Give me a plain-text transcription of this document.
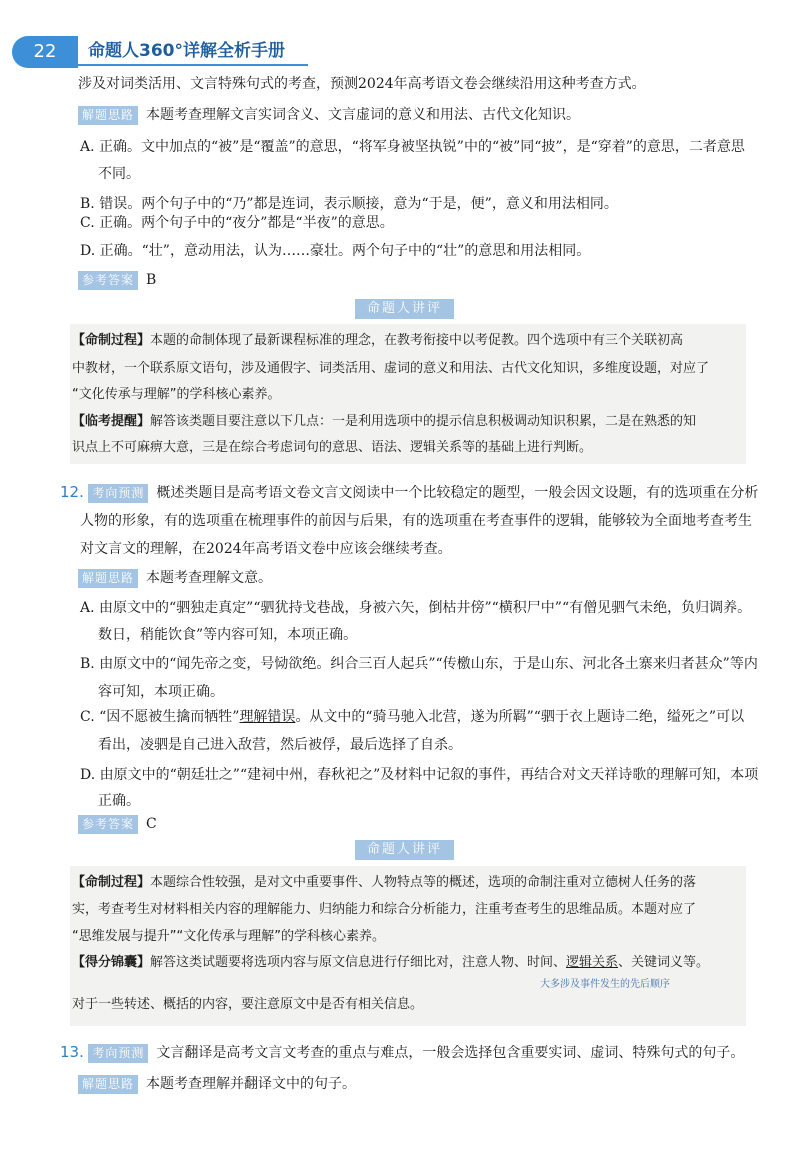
22	命题人360°详解全析手册
涉及对词类活用、文言特殊句式的考查，预测2024年高考语文卷会继续沿用这种考查方式。
解题思路 本题考查理解文言实词含义、文言虚词的意义和用法、古代文化知识。
A. 正确。文中加点的“被”是“覆盖”的意思，“将军身被坚执锐”中的“被”同“披”，是“穿着”的意思，二者意思
不同。
B. 错误。两个句子中的“乃”都是连词，表示顺接，意为“于是，便”，意义和用法相同。
C. 正确。两个句子中的“夜分”都是“半夜”的意思。
D. 正确。“壮”，意动用法，认为……豪壮。两个句子中的“壮”的意思和用法相同。
参考答案 B
命题人讲评
【命制过程】本题的命制体现了最新课程标准的理念，在教考衔接中以考促教。四个选项中有三个关联初高
中教材，一个联系原文语句，涉及通假字、词类活用、虚词的意义和用法、古代文化知识，多维度设题，对应了
“文化传承与理解”的学科核心素养。
【临考提醒】解答该类题目要注意以下几点：一是利用选项中的提示信息积极调动知识积累，二是在熟悉的知
识点上不可麻痹大意，三是在综合考虑词句的意思、语法、逻辑关系等的基础上进行判断。
12. 考向预测 概述类题目是高考语文卷文言文阅读中一个比较稳定的题型，一般会因文设题，有的选项重在分析
人物的形象，有的选项重在梳理事件的前因与后果，有的选项重在考查事件的逻辑，能够较为全面地考查考生
对文言文的理解，在2024年高考语文卷中应该会继续考查。
解题思路 本题考查理解文意。
A. 由原文中的“驷独走真定”“驷犹持戈巷战，身被六矢，倒枯井傍”“横积尸中”“有僧见驷气未绝，负归调养。
数日，稍能饮食”等内容可知，本项正确。
B. 由原文中的“闻先帝之变，号恸欲绝。纠合三百人起兵”“传檄山东，于是山东、河北各土寨来归者甚众”等内
容可知，本项正确。
C. “因不愿被生擒而牺牲”理解错误。从文中的“骑马驰入北营，遂为所羁”“驷于衣上题诗二绝，缢死之”可以
看出，凌驷是自己进入敌营，然后被俘，最后选择了自杀。
D. 由原文中的“朝廷壮之”“建祠中州，春秋祀之”及材料中记叙的事件，再结合对文天祥诗歌的理解可知，本项
正确。
参考答案 C
命题人讲评
【命制过程】本题综合性较强，是对文中重要事件、人物特点等的概述，选项的命制注重对立德树人任务的落
实，考查考生对材料相关内容的理解能力、归纳能力和综合分析能力，注重考查考生的思维品质。本题对应了
“思维发展与提升”“文化传承与理解”的学科核心素养。
【得分锦囊】解答这类试题要将选项内容与原文信息进行仔细比对，注意人物、时间、逻辑关系、关键词义等。
大多涉及事件发生的先后顺序
对于一些转述、概括的内容，要注意原文中是否有相关信息。
13. 考向预测 文言翻译是高考文言文考查的重点与难点，一般会选择包含重要实词、虚词、特殊句式的句子。
解题思路 本题考查理解并翻译文中的句子。
